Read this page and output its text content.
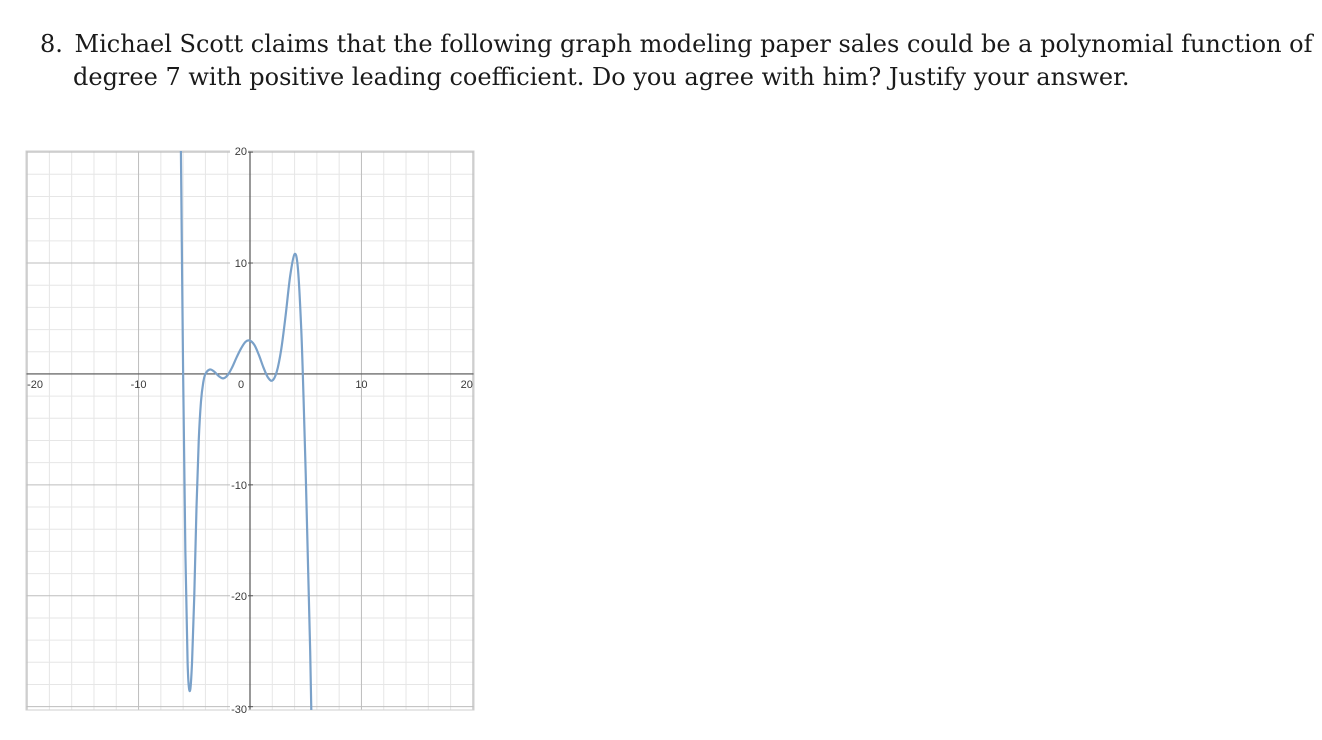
8. Michael Scott claims that the following graph modeling paper sales could be a polynomial function of
degree 7 with positive leading coefficient. Do you agree with him? Justify your answer.
-20	-10	0	10	20
20
10
-10
-20
-30
